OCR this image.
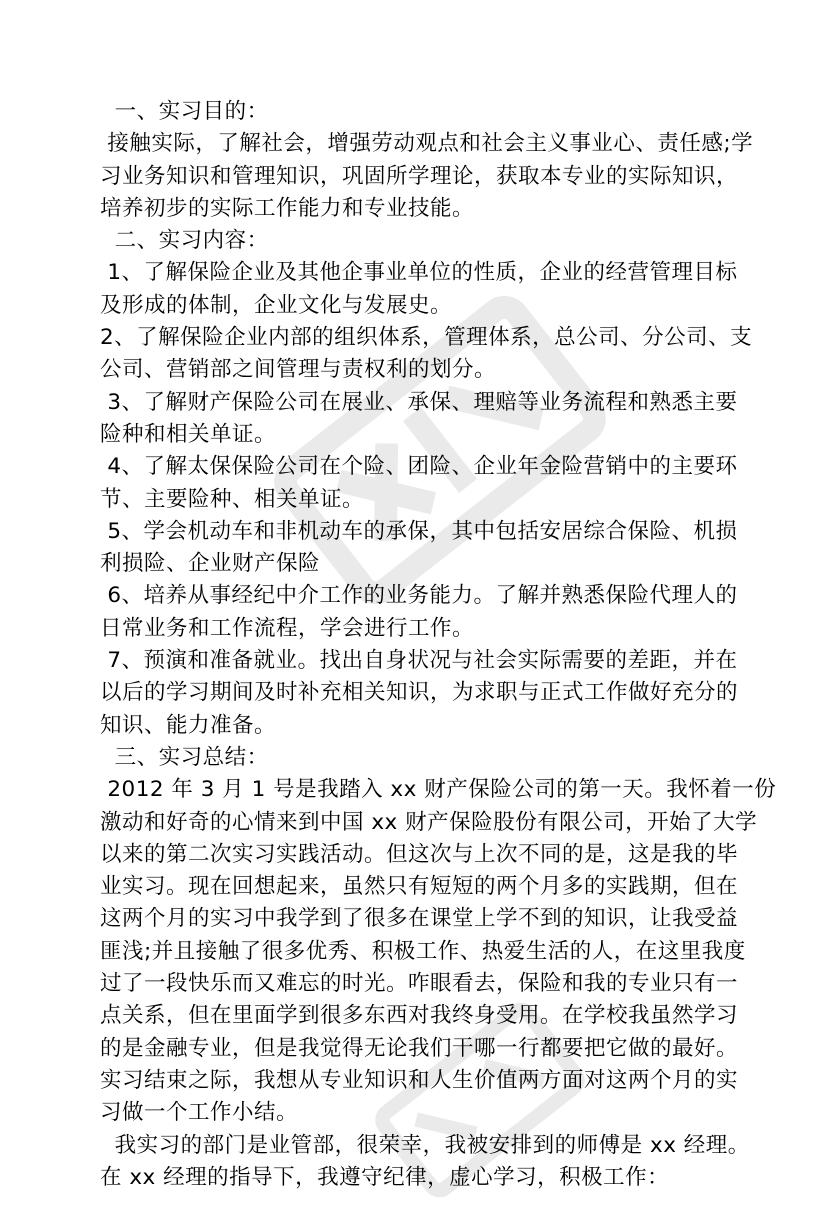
一、实习目的：
接触实际，了解社会，增强劳动观点和社会主义事业心、责任感;学
习业务知识和管理知识，巩固所学理论，获取本专业的实际知识，
培养初步的实际工作能力和专业技能。
二、实习内容：
1、了解保险企业及其他企事业单位的性质，企业的经营管理目标
及形成的体制，企业文化与发展史。
2、了解保险企业内部的组织体系，管理体系，总公司、分公司、支
公司、营销部之间管理与责权利的划分。
3、了解财产保险公司在展业、承保、理赔等业务流程和熟悉主要
险种和相关单证。
4、了解太保保险公司在个险、团险、企业年金险营销中的主要环
节、主要险种、相关单证。
5、学会机动车和非机动车的承保，其中包括安居综合保险、机损
利损险、企业财产保险
6、培养从事经纪中介工作的业务能力。了解并熟悉保险代理人的
日常业务和工作流程，学会进行工作。
7、预演和准备就业。找出自身状况与社会实际需要的差距，并在
以后的学习期间及时补充相关知识，为求职与正式工作做好充分的
知识、能力准备。
三、实习总结：
2012 年 3 月 1 号是我踏入 xx 财产保险公司的第一天。我怀着一份
激动和好奇的心情来到中国 xx 财产保险股份有限公司，开始了大学
以来的第二次实习实践活动。但这次与上次不同的是，这是我的毕
业实习。现在回想起来，虽然只有短短的两个月多的实践期，但在
这两个月的实习中我学到了很多在课堂上学不到的知识，让我受益
匪浅;并且接触了很多优秀、积极工作、热爱生活的人，在这里我度
过了一段快乐而又难忘的时光。咋眼看去，保险和我的专业只有一
点关系，但在里面学到很多东西对我终身受用。在学校我虽然学习
的是金融专业，但是我觉得无论我们干哪一行都要把它做的最好。
实习结束之际，我想从专业知识和人生价值两方面对这两个月的实
习做一个工作小结。
我实习的部门是业管部，很荣幸，我被安排到的师傅是 xx 经理。
在 xx 经理的指导下，我遵守纪律，虚心学习，积极工作：
